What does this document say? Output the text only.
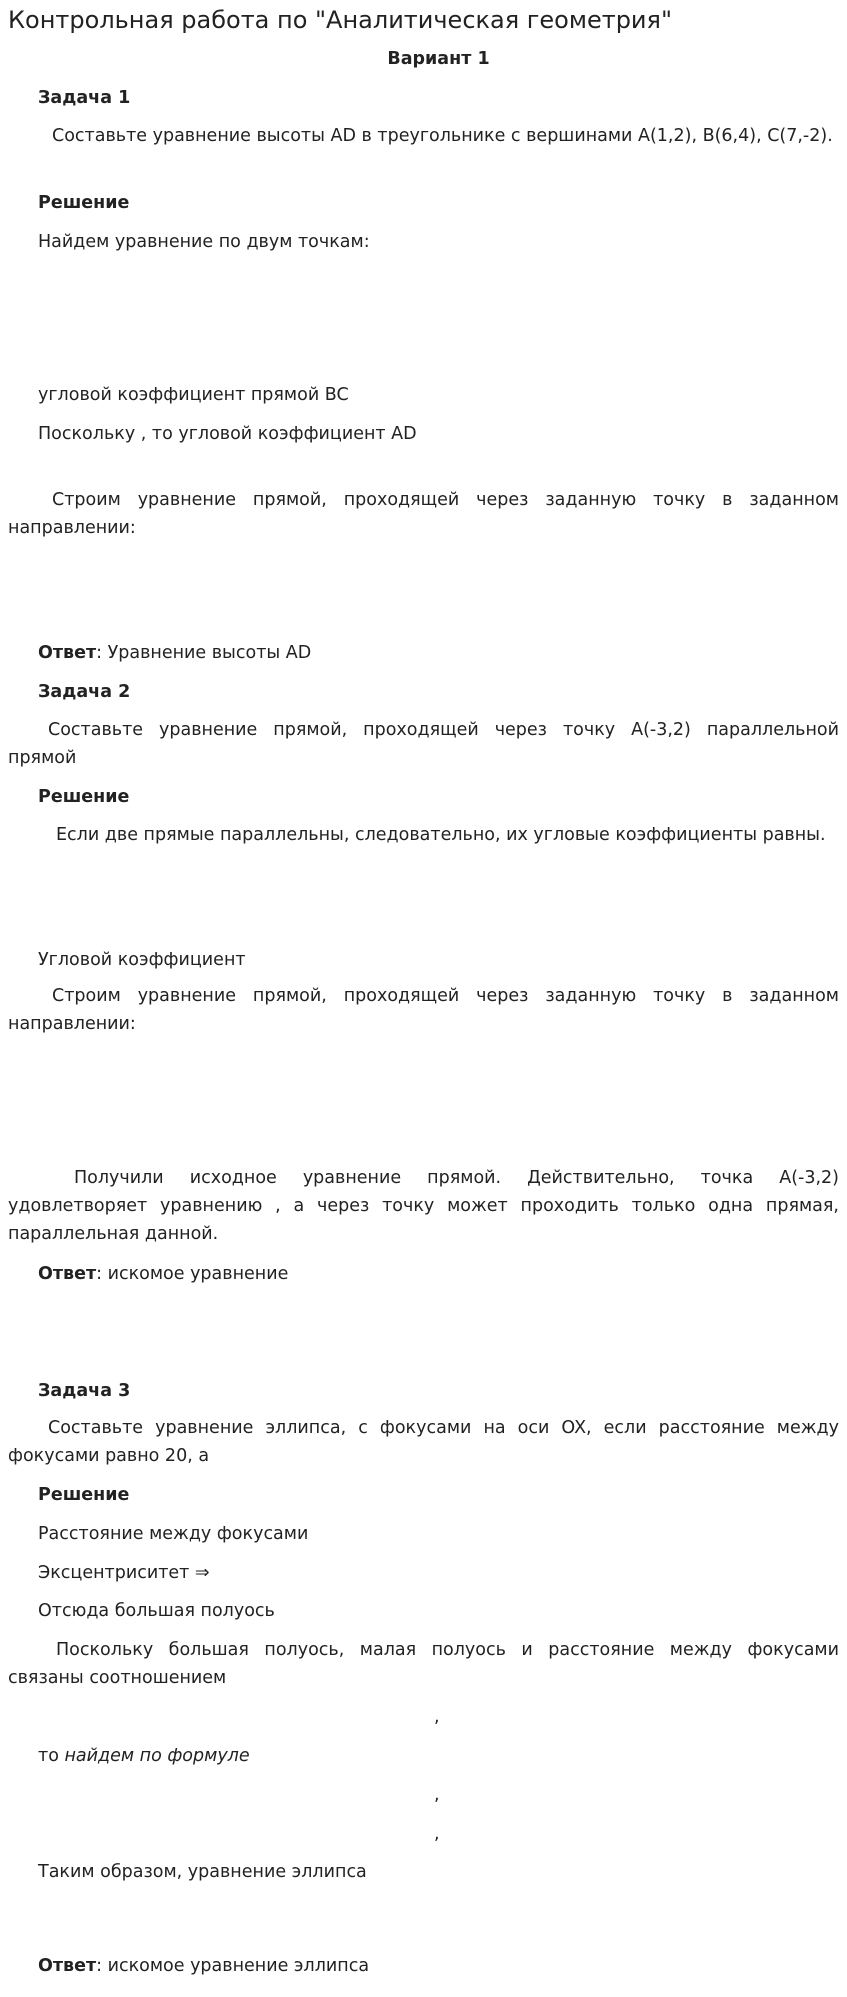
Контрольная работа по "Аналитическая геометрия"
Вариант 1
Задача 1
Составьте уравнение высоты AD в треугольнике с вершинами A(1,2), B(6,4), C(7,-2).
Решение
Найдем уравнение по двум точкам:
угловой коэффициент прямой BC
Поскольку , то угловой коэффициент AD
Строим уравнение прямой, проходящей через заданную точку в заданном направлении:
Ответ: Уравнение высоты AD
Задача 2
Составьте уравнение прямой, проходящей через точку A(-3,2) параллельной прямой
Решение
Если две прямые параллельны, следовательно, их угловые коэффициенты равны.
Угловой коэффициент
Строим уравнение прямой, проходящей через заданную точку в заданном направлении:
Получили исходное уравнение прямой. Действительно, точка A(-3,2) удовлетворяет уравнению , а через точку может проходить только одна прямая, параллельная данной.
Ответ: искомое уравнение
Задача 3
Составьте уравнение эллипса, с фокусами на оси OX, если расстояние между фокусами равно 20, а
Решение
Расстояние между фокусами
Эксцентриситет ⇒
Отсюда большая полуось
Поскольку большая полуось, малая полуось и расстояние между фокусами связаны соотношением
,
то найдем по формуле
,
,
Таким образом, уравнение эллипса
Ответ: искомое уравнение эллипса
